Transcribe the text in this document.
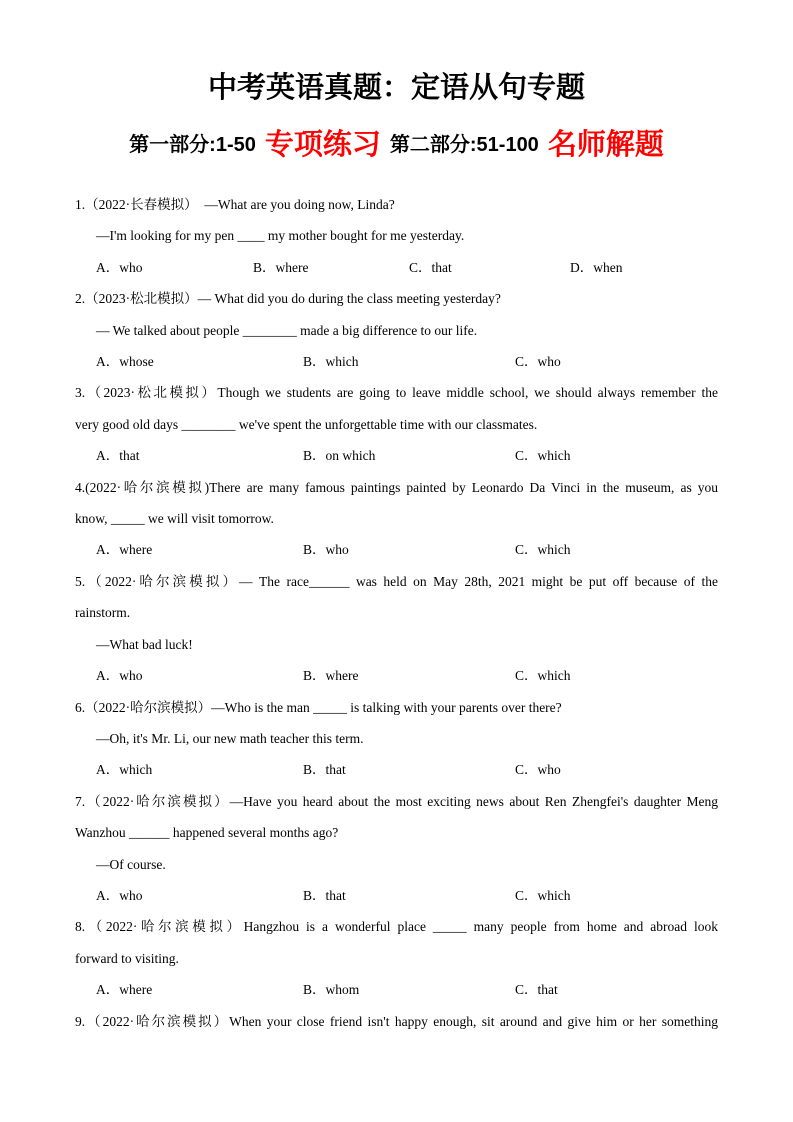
中考英语真题：定语从句专题
第一部分:1-50 专项练习 第二部分:51-100 名师解题
1.（2022·长春模拟）  —What are you doing now, Linda?
—I'm looking for my pen ____ my mother bought for me yesterday.
A．who	B．where	C．that	D．when
2.（2023·松北模拟）— What did you do during the class meeting yesterday?
— We talked about people ________ made a big difference to our life.
A．whose	B．which	C．who
3.（2023·松北模拟）Though we students are going to leave middle school, we should always remember the
very good old days ________ we've spent the unforgettable time with our classmates.
A．that	B．on which	C．which
4.(2022·哈尔滨模拟)There are many famous paintings painted by Leonardo Da Vinci in the museum, as you
know, _____ we will visit tomorrow.
A．where	B．who	C．which
5.（2022·哈尔滨模拟）— The race______ was held on May 28th, 2021 might be put off because of the
rainstorm.
—What bad luck!
A．who	B．where	C．which
6.（2022·哈尔滨模拟）—Who is the man _____ is talking with your parents over there?
—Oh, it's Mr. Li, our new math teacher this term.
A．which	B．that	C．who
7.（2022·哈尔滨模拟）—Have you heard about the most exciting news about Ren Zhengfei's daughter Meng
Wanzhou ______ happened several months ago?
—Of course.
A．who	B．that	C．which
8.（2022·哈尔滨模拟）Hangzhou is a wonderful place _____ many people from home and abroad look
forward to visiting.
A．where	B．whom	C．that
9.（2022·哈尔滨模拟）When your close friend isn't happy enough, sit around and give him or her something
